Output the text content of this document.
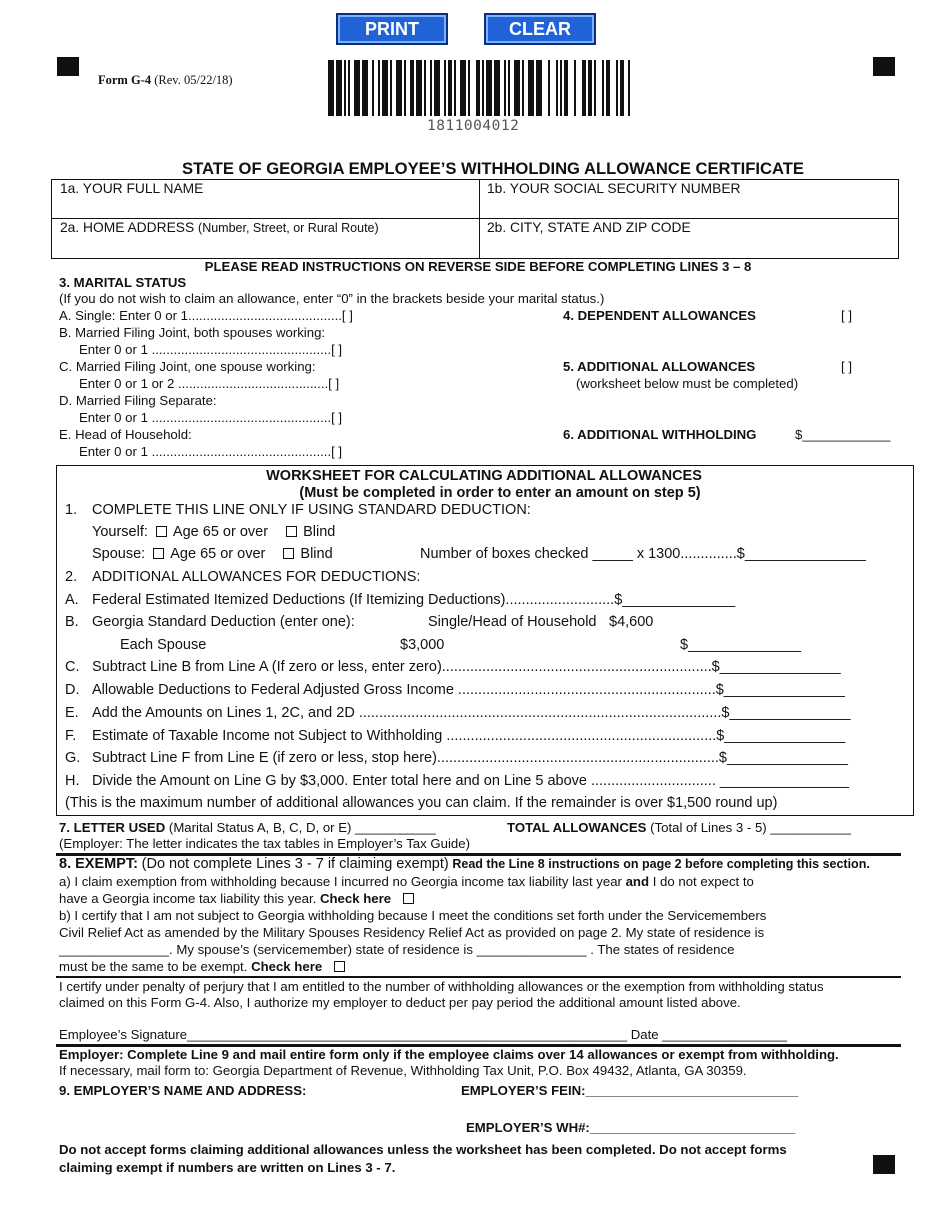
PRINT	CLEAR
Form G-4 (Rev. 05/22/18)
1811004012
STATE OF GEORGIA EMPLOYEE’S WITHHOLDING ALLOWANCE CERTIFICATE
1a. YOUR FULL NAME	1b. YOUR SOCIAL SECURITY NUMBER
2a. HOME ADDRESS (Number, Street, or Rural Route)	2b. CITY, STATE AND ZIP CODE
PLEASE READ INSTRUCTIONS ON REVERSE SIDE BEFORE COMPLETING LINES 3 – 8
3. MARITAL STATUS
(If you do not wish to claim an allowance, enter “0” in the brackets beside your marital status.)
A. Single: Enter 0 or 1..........................................[ ]
B. Married Filing Joint, both spouses working:
Enter 0 or 1 .................................................[ ]
C. Married Filing Joint, one spouse working:
Enter 0 or 1 or 2 .........................................[ ]
D. Married Filing Separate:
Enter 0 or 1 .................................................[ ]
E. Head of Household:
Enter 0 or 1 .................................................[ ]
4. DEPENDENT ALLOWANCES	[ ]
5. ADDITIONAL ALLOWANCES	[ ]
(worksheet below must be completed)
6. ADDITIONAL WITHHOLDING	$____________
WORKSHEET FOR CALCULATING ADDITIONAL ALLOWANCES
(Must be completed in order to enter an amount on step 5)
1. COMPLETE THIS LINE ONLY IF USING STANDARD DEDUCTION:
Yourself: Age 65 or over Blind
Spouse: Age 65 or over Blind	Number of boxes checked _____ x 1300..............$_______________
2. ADDITIONAL ALLOWANCES FOR DEDUCTIONS:
A. Federal Estimated Itemized Deductions (If Itemizing Deductions)...........................$______________
B. Georgia Standard Deduction (enter one):	Single/Head of Household $4,600
Each Spouse	$3,000	$______________
C. Subtract Line B from Line A (If zero or less, enter zero)...................................................................$_______________
D. Allowable Deductions to Federal Adjusted Gross Income ................................................................$_______________
E. Add the Amounts on Lines 1, 2C, and 2D ..........................................................................................$_______________
F. Estimate of Taxable Income not Subject to Withholding ...................................................................$_______________
G. Subtract Line F from Line E (if zero or less, stop here)......................................................................$_______________
H. Divide the Amount on Line G by $3,000. Enter total here and on Line 5 above ............................... ________________
(This is the maximum number of additional allowances you can claim. If the remainder is over $1,500 round up)
7. LETTER USED (Marital Status A, B, C, D, or E) ___________	TOTAL ALLOWANCES (Total of Lines 3 - 5) ___________
(Employer: The letter indicates the tax tables in Employer’s Tax Guide)
8. EXEMPT: (Do not complete Lines 3 - 7 if claiming exempt) Read the Line 8 instructions on page 2 before completing this section.
a) I claim exemption from withholding because I incurred no Georgia income tax liability last year and I do not expect to
have a Georgia income tax liability this year. Check here
b) I certify that I am not subject to Georgia withholding because I meet the conditions set forth under the Servicemembers
Civil Relief Act as amended by the Military Spouses Residency Relief Act as provided on page 2. My state of residence is
_______________. My spouse’s (servicemember) state of residence is _______________ . The states of residence
must be the same to be exempt. Check here
I certify under penalty of perjury that I am entitled to the number of withholding allowances or the exemption from withholding status
claimed on this Form G-4. Also, I authorize my employer to deduct per pay period the additional amount listed above.
Employee’s Signature____________________________________________________________ Date _________________
Employer: Complete Line 9 and mail entire form only if the employee claims over 14 allowances or exempt from withholding.
If necessary, mail form to: Georgia Department of Revenue, Withholding Tax Unit, P.O. Box 49432, Atlanta, GA 30359.
9. EMPLOYER’S NAME AND ADDRESS:	EMPLOYER’S FEIN:_____________________________
EMPLOYER’S WH#:____________________________
Do not accept forms claiming additional allowances unless the worksheet has been completed. Do not accept forms
claiming exempt if numbers are written on Lines 3 - 7.
